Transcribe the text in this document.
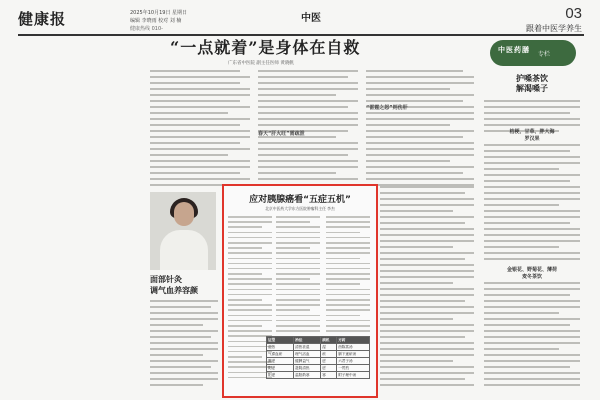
健康报	2025年10月19日 星期日
编辑 李晓雨 校对 刘 楠
健康热线 010-
中医	03
跟着中医学养生
“一点就着”是身体在自救
广东省中医院 副主任医师 黄晓帆
春天“肝火旺”需疏泄
“雷霆之怒”则伤肝
面部针灸
调气血养容颜
应对胰腺癌看“五症五机”
北京中医药大学东方医院肿瘤科主任 李杰
证型	治法	病机	方药
湿热	清热祛湿	湿	茵陈蒿汤
气滞血瘀	理气活血	瘀	膈下逐瘀汤
脾虚	健脾益气	虚	六君子汤
阴虚	滋阴清热	虚	一贯煎
阳虚	温阳散寒	寒	附子理中汤
中医药膳
专栏
护嗓茶饮
解渴嗓子
桔梗、甘草、胖大海
罗汉果
金银花、野菊花、薄荷
麦冬茶饮
